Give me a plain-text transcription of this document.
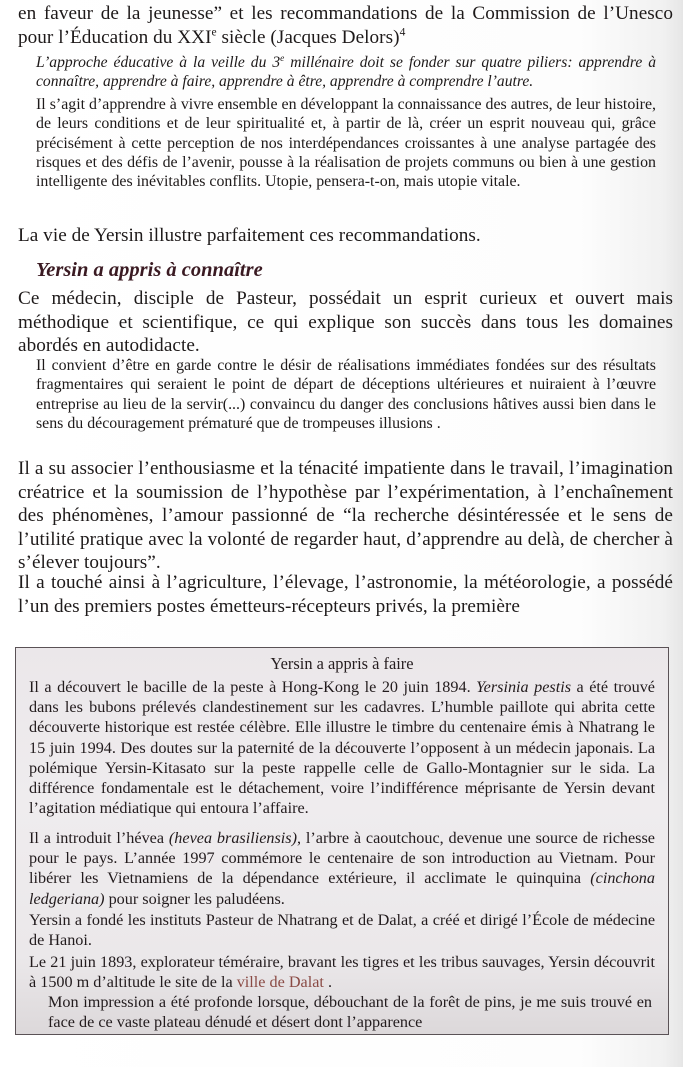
en faveur de la jeunesse” et les recommandations de la Commission de l’Unesco pour l’Éducation du XXIe siècle (Jacques Delors)$^4$

L’approche éducative à la veille du 3e millénaire doit se fonder sur quatre piliers: apprendre à connaître, apprendre à faire, apprendre à être, apprendre à comprendre l’autre.

Il s’agit d’apprendre à vivre ensemble en développant la connaissance des autres, de leur histoire, de leurs conditions et de leur spiritualité et, à partir de là, créer un esprit nouveau qui, grâce précisément à cette perception de nos interdépendances croissantes à une analyse partagée des risques et des défis de l’avenir, pousse à la réalisation de projets communs ou bien à une gestion intelligente des inévitables conflits. Utopie, pensera-t-on, mais utopie vitale.

La vie de Yersin illustre parfaitement ces recommandations.

Yersin a appris à connaître

Ce médecin, disciple de Pasteur, possédait un esprit curieux et ouvert mais méthodique et scientifique, ce qui explique son succès dans tous les domaines abordés en autodidacte.

Il convient d’être en garde contre le désir de réalisations immédiates fondées sur des résultats fragmentaires qui seraient le point de départ de déceptions ultérieures et nuiraient à l’œuvre entreprise au lieu de la servir(...) convaincu du danger des conclusions hâtives aussi bien dans le sens du découragement prématuré que de trompeuses illusions .

Il a su associer l’enthousiasme et la ténacité impatiente dans le travail, l’imagination créatrice et la soumission de l’hypothèse par l’expérimentation, à l’enchaînement des phénomènes, l’amour passionné de “la recherche désintéressée et le sens de l’utilité pratique avec la volonté de regarder haut, d’apprendre au delà, de chercher à s’élever toujours”.

Il a touché ainsi à l’agriculture, l’élevage, l’astronomie, la météorologie, a possédé l’un des premiers postes émetteurs-récepteurs privés, la première

Yersin a appris à faire

Il a découvert le bacille de la peste à Hong-Kong le 20 juin 1894. Yersinia pestis a été trouvé dans les bubons prélevés clandestinement sur les cadavres. L’humble paillote qui abrita cette découverte historique est restée célèbre. Elle illustre le timbre du centenaire émis à Nhatrang le 15 juin 1994. Des doutes sur la paternité de la découverte l’opposent à un médecin japonais. La polémique Yersin-Kitasato sur la peste rappelle celle de Gallo-Montagnier sur le sida. La différence fondamentale est le détachement, voire l’indifférence méprisante de Yersin devant l’agitation médiatique qui entoura l’affaire.

Il a introduit l’hévea (hevea brasiliensis), l’arbre à caoutchouc, devenue une source de richesse pour le pays. L’année 1997 commémore le centenaire de son introduction au Vietnam. Pour libérer les Vietnamiens de la dépendance extérieure, il acclimate le quinquina (cinchona ledgeriana) pour soigner les paludéens.

Yersin a fondé les instituts Pasteur de Nhatrang et de Dalat, a créé et dirigé l’École de médecine de Hanoi.

Le 21 juin 1893, explorateur téméraire, bravant les tigres et les tribus sauvages, Yersin découvrit à 1500 m d’altitude le site de la ville de Dalat .

Mon impression a été profonde lorsque, débouchant de la forêt de pins, je me suis trouvé en face de ce vaste plateau dénudé et désert dont l’apparence
